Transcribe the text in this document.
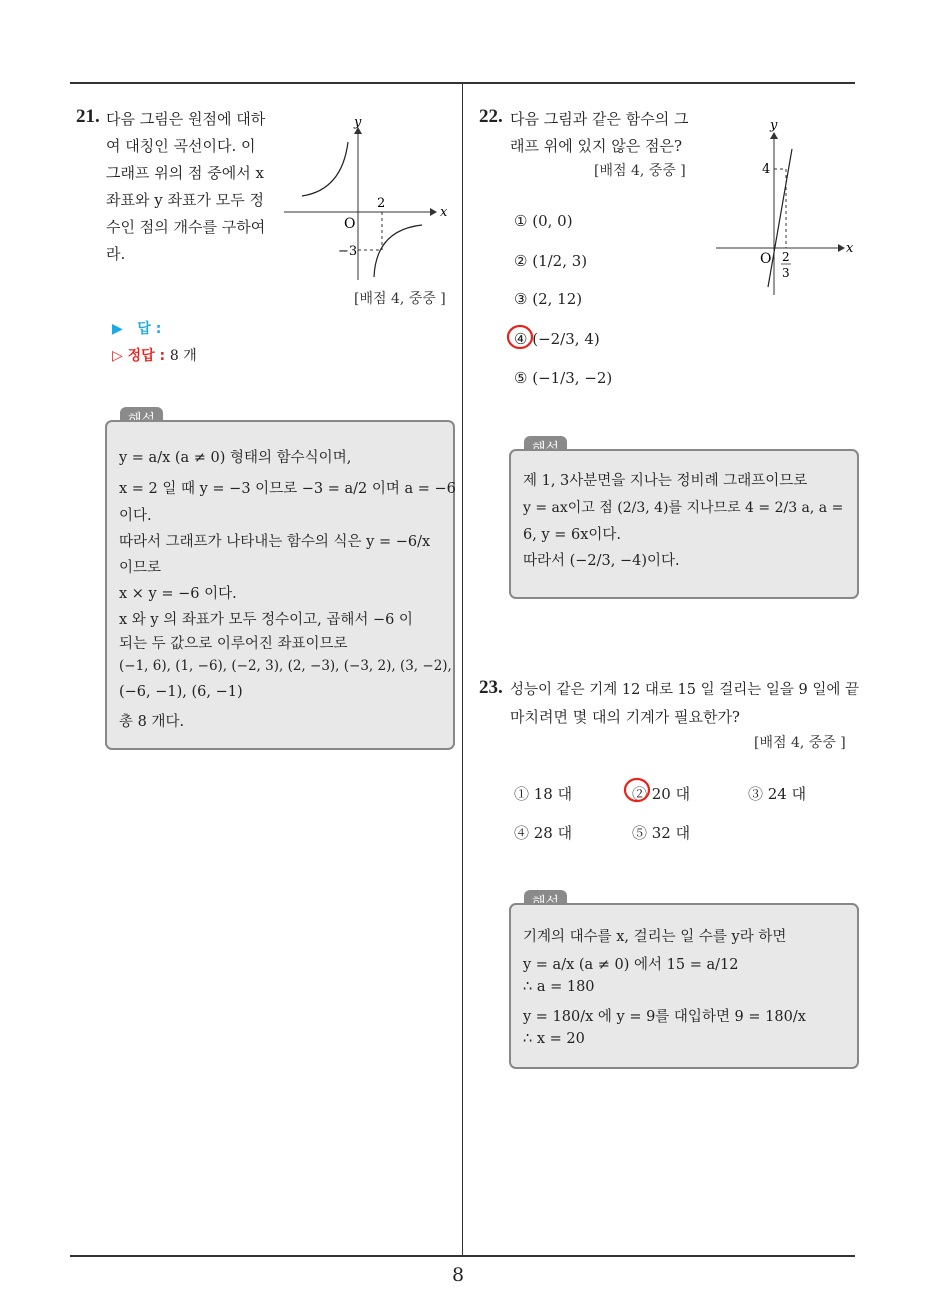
8
21. 다음 그림은 원점에 대하
여 대칭인 곡선이다. 이
그래프 위의 점 중에서 x
좌표와 y 좌표가 모두 정
수인 점의 개수를 구하여
라.
y
x
O
2
−3
[배점 4, 중중 ]
▶ 답 :
▷ 정답 : 8 개
y = a/x (a ≠ 0) 형태의 함수식이며,
x = 2 일 때 y = −3 이므로 −3 = a/2 이며 a = −6
이다.
따라서 그래프가 나타내는 함수의 식은 y = −6/x
이므로
x × y = −6 이다.
x 와 y 의 좌표가 모두 정수이고, 곱해서 −6 이
되는 두 값으로 이루어진 좌표이므로
(−1, 6), (1, −6), (−2, 3), (2, −3), (−3, 2), (3, −2),
(−6, −1), (6, −1)
총 8 개다.
22. 다음 그림과 같은 함수의 그
래프 위에 있지 않은 점은?
[배점 4, 중중 ]
y
x
O
4
2
3
① (0, 0)
② (1/2, 3)
③ (2, 12)
④ (−2/3, 4)
⑤ (−1/3, −2)
제 1, 3사분면을 지나는 정비례 그래프이므로
y = ax이고 점 (2/3, 4)를 지나므로 4 = 2/3 a, a =
6, y = 6x이다.
따라서 (−2/3, −4)이다.
23. 성능이 같은 기계 12 대로 15 일 걸리는 일을 9 일에 끝
마치려면 몇 대의 기계가 필요한가?
[배점 4, 중중 ]
① 18 대	② 20 대	③ 24 대
④ 28 대	⑤ 32 대
기계의 대수를 x, 걸리는 일 수를 y라 하면
y = a/x (a ≠ 0) 에서 15 = a/12
∴ a = 180
y = 180/x 에 y = 9를 대입하면 9 = 180/x
∴ x = 20
